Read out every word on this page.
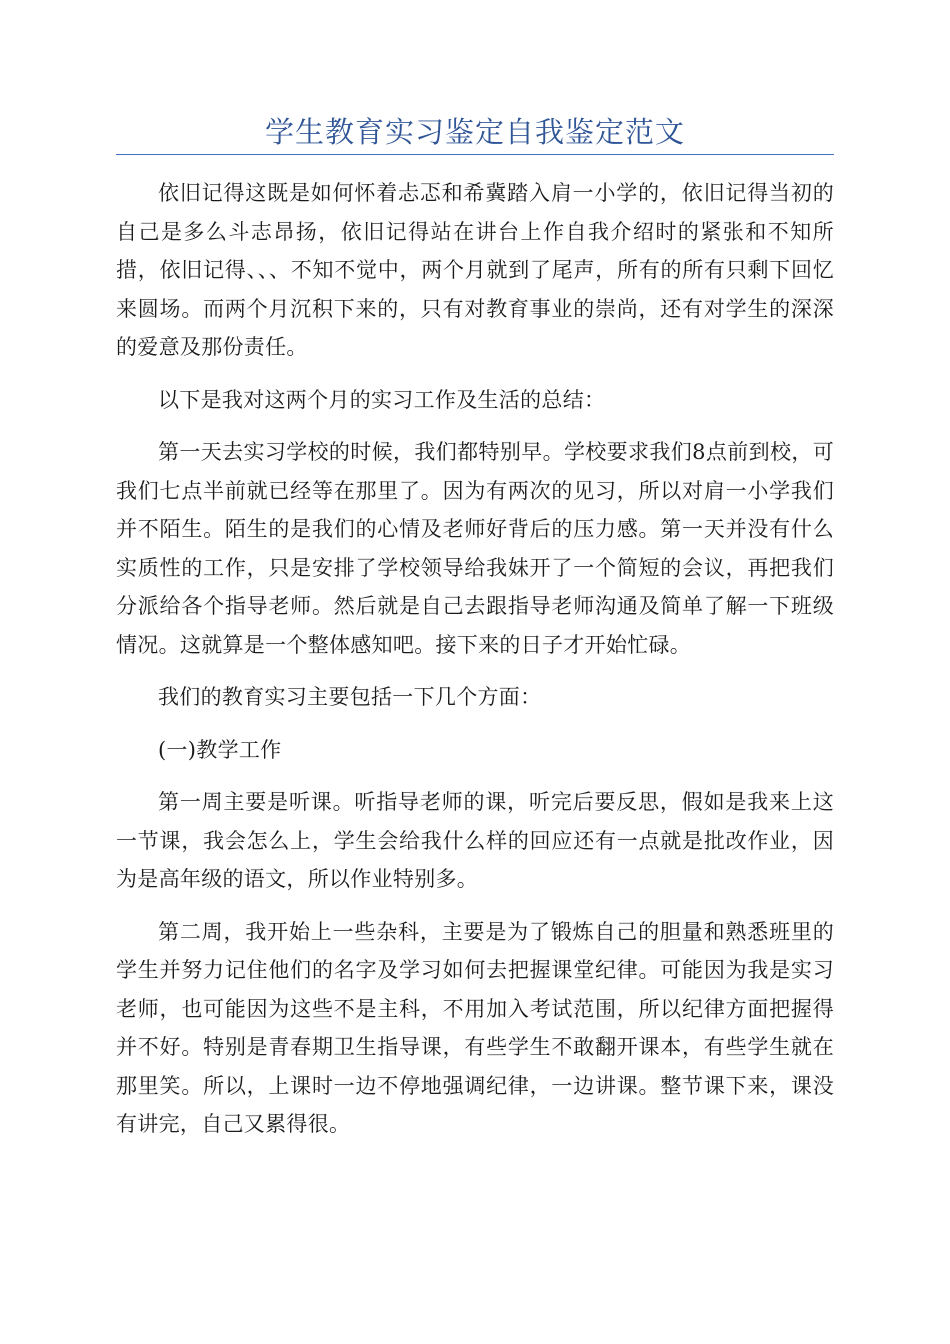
学生教育实习鉴定自我鉴定范文

依旧记得这既是如何怀着忐忑和希冀踏入肩一小学的，依旧记得当初的自己是多么斗志昂扬，依旧记得站在讲台上作自我介绍时的紧张和不知所措，依旧记得、、、不知不觉中，两个月就到了尾声，所有的所有只剩下回忆来圆场。而两个月沉积下来的，只有对教育事业的崇尚，还有对学生的深深的爱意及那份责任。

以下是我对这两个月的实习工作及生活的总结：

第一天去实习学校的时候，我们都特别早。学校要求我们8点前到校，可我们七点半前就已经等在那里了。因为有两次的见习，所以对肩一小学我们并不陌生。陌生的是我们的心情及老师好背后的压力感。第一天并没有什么实质性的工作，只是安排了学校领导给我妹开了一个简短的会议，再把我们分派给各个指导老师。然后就是自己去跟指导老师沟通及简单了解一下班级情况。这就算是一个整体感知吧。接下来的日子才开始忙碌。

我们的教育实习主要包括一下几个方面：

(一)教学工作

第一周主要是听课。听指导老师的课，听完后要反思，假如是我来上这一节课，我会怎么上，学生会给我什么样的回应还有一点就是批改作业，因为是高年级的语文，所以作业特别多。

第二周，我开始上一些杂科，主要是为了锻炼自己的胆量和熟悉班里的学生并努力记住他们的名字及学习如何去把握课堂纪律。可能因为我是实习老师，也可能因为这些不是主科，不用加入考试范围，所以纪律方面把握得并不好。特别是青春期卫生指导课，有些学生不敢翻开课本，有些学生就在那里笑。所以，上课时一边不停地强调纪律，一边讲课。整节课下来，课没有讲完，自己又累得很。
